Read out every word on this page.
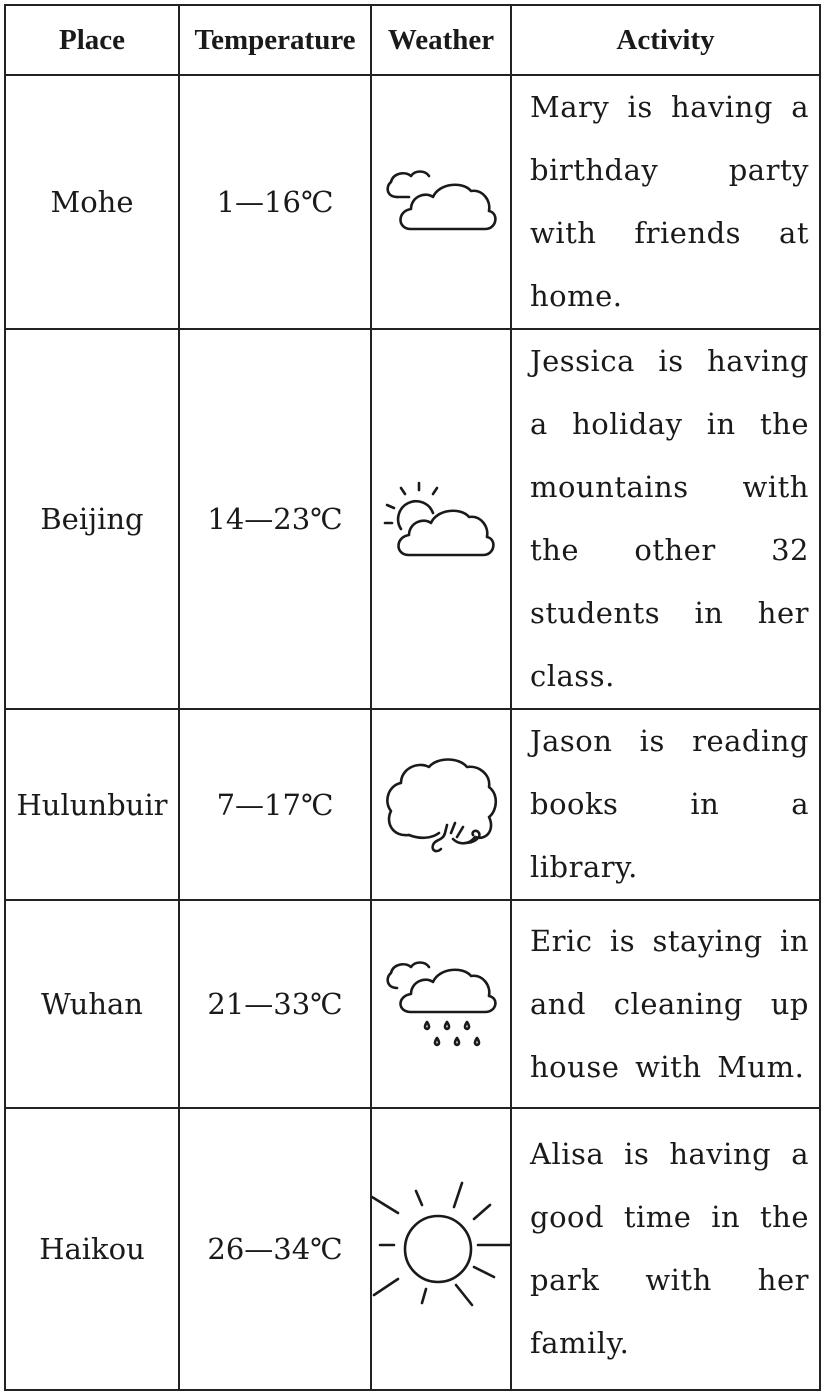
Place	Temperature	Weather	Activity
Mohe	1—16℃		Mary is having a birthday party with friends at home.
Beijing	14—23℃		Jessica is having a holiday in the mountains with the other 32 students in her class.
Hulunbuir	7—17℃		Jason is reading books in a library.
Wuhan	21—33℃		Eric is staying in and cleaning up house with Mum.
Haikou	26—34℃		Alisa is having a good time in the park with her family.
